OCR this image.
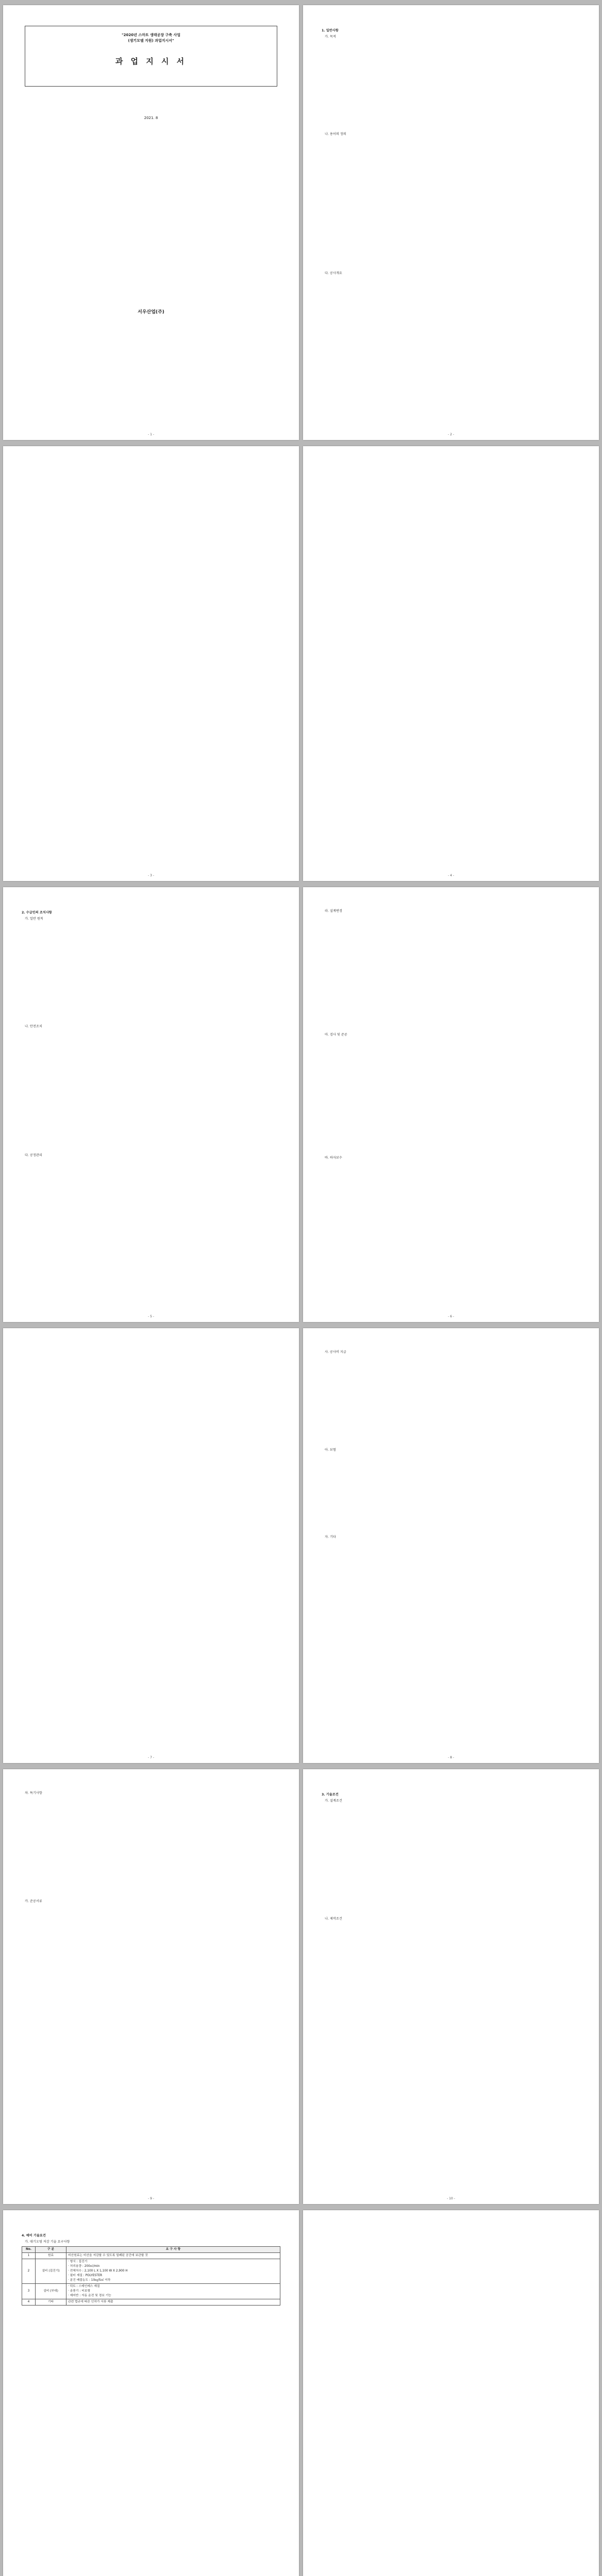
"2020년 스마트 생태공장 구축 사업
(생기모델 지원) 과업지시서"
과 업 지 시 서
2021. 8
서우산업(주)
- 1 -
1. 일반사항
가. 목적
나. 용어의 정의
다. 공사개요
- 2 -
- 3 -	- 4 -
2. 수급인의 조치사항
가. 일반 원칙
나. 안전조치
다. 공정관리
- 5 -
라. 설계변경
마. 검사 및 준공
바. 하자보수
- 6 -
- 7 -
사. 공사비 지급
아. 보험
자. 기타
- 8 -
차. 특기사항
카. 준공서류
- 9 -
3. 기술조건
가. 설계조건
나. 제작조건
- 10 -
4. 예비 기술요건
가. 대기오염 저감 기술 요구사항
No.	구 분	요 구 사 항
1	원료	비산원료는 비산을 저감할 수 있도록 밀폐된 공간에 보관할 것
2	설비 (집진기)	· 형식 : 집진기
· 처리용량 : 200㎥/min
· 전체치수 : 2,100 L X 1,100 W X 2,900 H
· 필터 재질 : POLYESTER
· 분진 배출농도 : 10㎎/S㎥ 이하
3	설비 (부대)	· 덕트 : 스테인레스 재질
· 송풍기 : 터보형
· 제어반 : 자동 운전 및 경보 기능
4	기타	관련 법규에 따른 인허가 서류 제출
